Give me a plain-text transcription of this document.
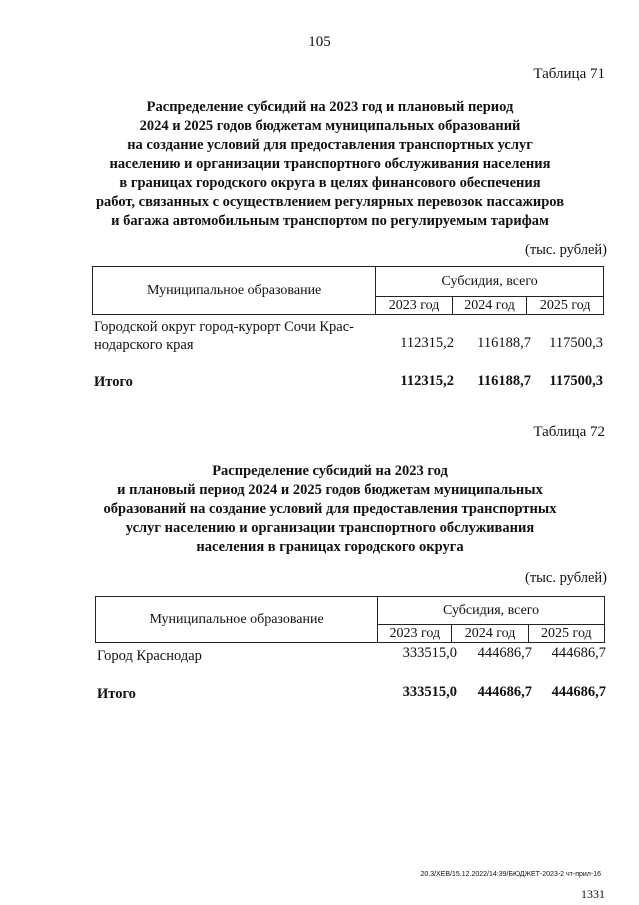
105
Таблица 71
Распределение субсидий на 2023 год и плановый период
2024 и 2025 годов бюджетам муниципальных образований
на создание условий для предоставления транспортных услуг
населению и организации транспортного обслуживания населения
в границах городского округа в целях финансового обеспечения
работ, связанных с осуществлением регулярных перевозок пассажиров
и багажа автомобильным транспортом по регулируемым тарифам
(тыс. рублей)
Муниципальное образование	Субсидия, всего		
	2023 год	2024 год	2025 год
Городской округ город-курорт Сочи Крас-
нодарского края	112315,2	116188,7	117500,3
Итого	112315,2	116188,7	117500,3
Таблица 72
Распределение субсидий на 2023 год
и плановый период 2024 и 2025 годов бюджетам муниципальных
образований на создание условий для предоставления транспортных
услуг населению и организации транспортного обслуживания
населения в границах городского округа
(тыс. рублей)
Муниципальное образование	Субсидия, всего		
	2023 год	2024 год	2025 год
Город Краснодар	333515,0	444686,7	444686,7
Итого	333515,0	444686,7	444686,7
20.3/ХЕВ/15.12.2022/14:39/БЮДЖЕТ-2023-2 чт-прил-16
1331
